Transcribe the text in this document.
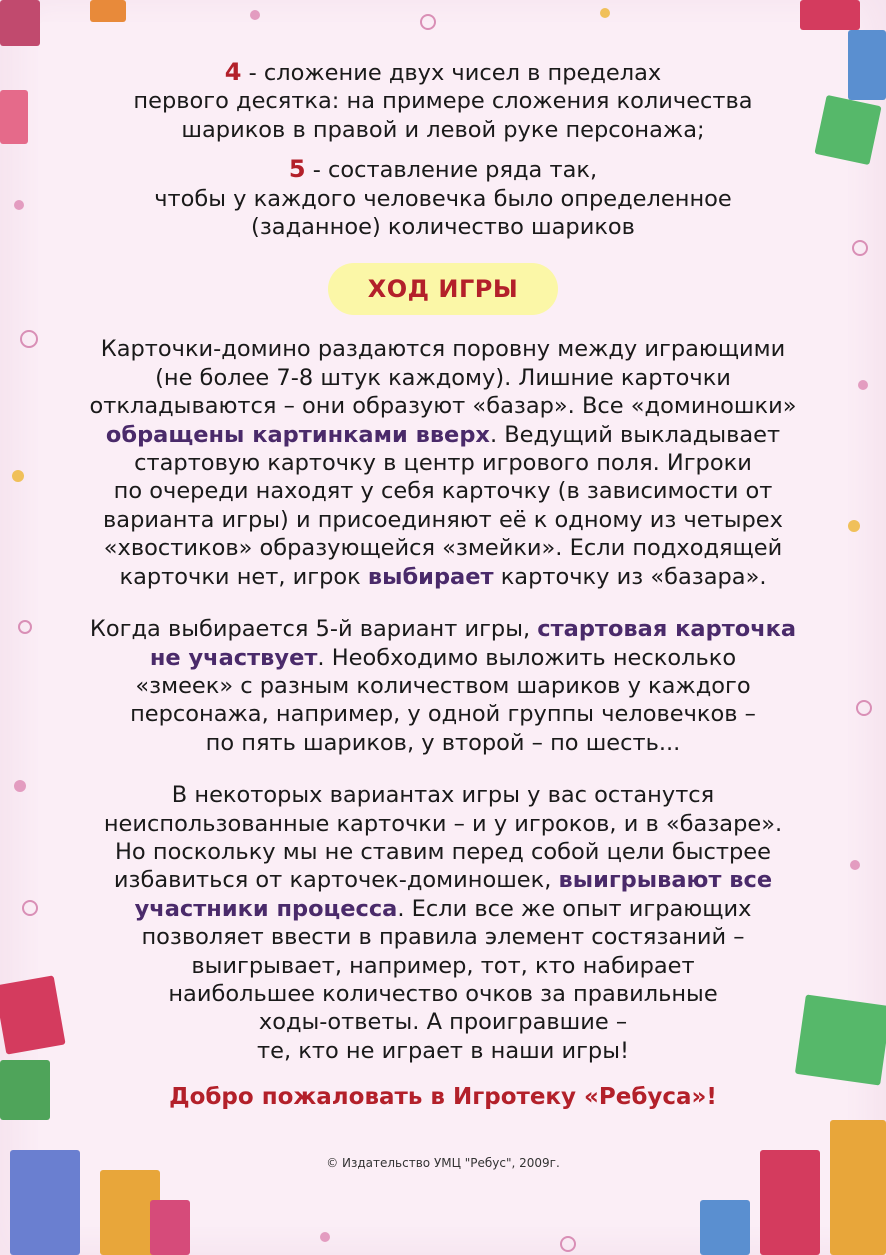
4 - сложение двух чисел в пределах
первого десятка: на примере сложения количества
шариков в правой и левой руке персонажа;

5 - составление ряда так,
чтобы у каждого человечка было определенное
(заданное) количество шариков

ХОД ИГРЫ

Карточки-домино раздаются поровну между играющими
(не более 7-8 штук каждому). Лишние карточки
откладываются – они образуют «базар». Все «доминошки»
обращены картинками вверх. Ведущий выкладывает
стартовую карточку в центр игрового поля. Игроки
по очереди находят у себя карточку (в зависимости от
варианта игры) и присоединяют её к одному из четырех
«хвостиков» образующейся «змейки». Если подходящей
карточки нет, игрок выбирает карточку из «базара».

Когда выбирается 5-й вариант игры, стартовая карточка
не участвует. Необходимо выложить несколько
«змеек» с разным количеством шариков у каждого
персонажа, например, у одной группы человечков –
по пять шариков, у второй – по шесть...

В некоторых вариантах игры у вас останутся
неиспользованные карточки – и у игроков, и в «базаре».
Но поскольку мы не ставим перед собой цели быстрее
избавиться от карточек-доминошек, выигрывают все
участники процесса. Если все же опыт играющих
позволяет ввести в правила элемент состязаний –
выигрывает, например, тот, кто набирает
наибольшее количество очков за правильные
ходы-ответы. А проигравшие –
те, кто не играет в наши игры!

Добро пожаловать в Игротеку «Ребуса»!

© Издательство УМЦ "Ребус", 2009г.
